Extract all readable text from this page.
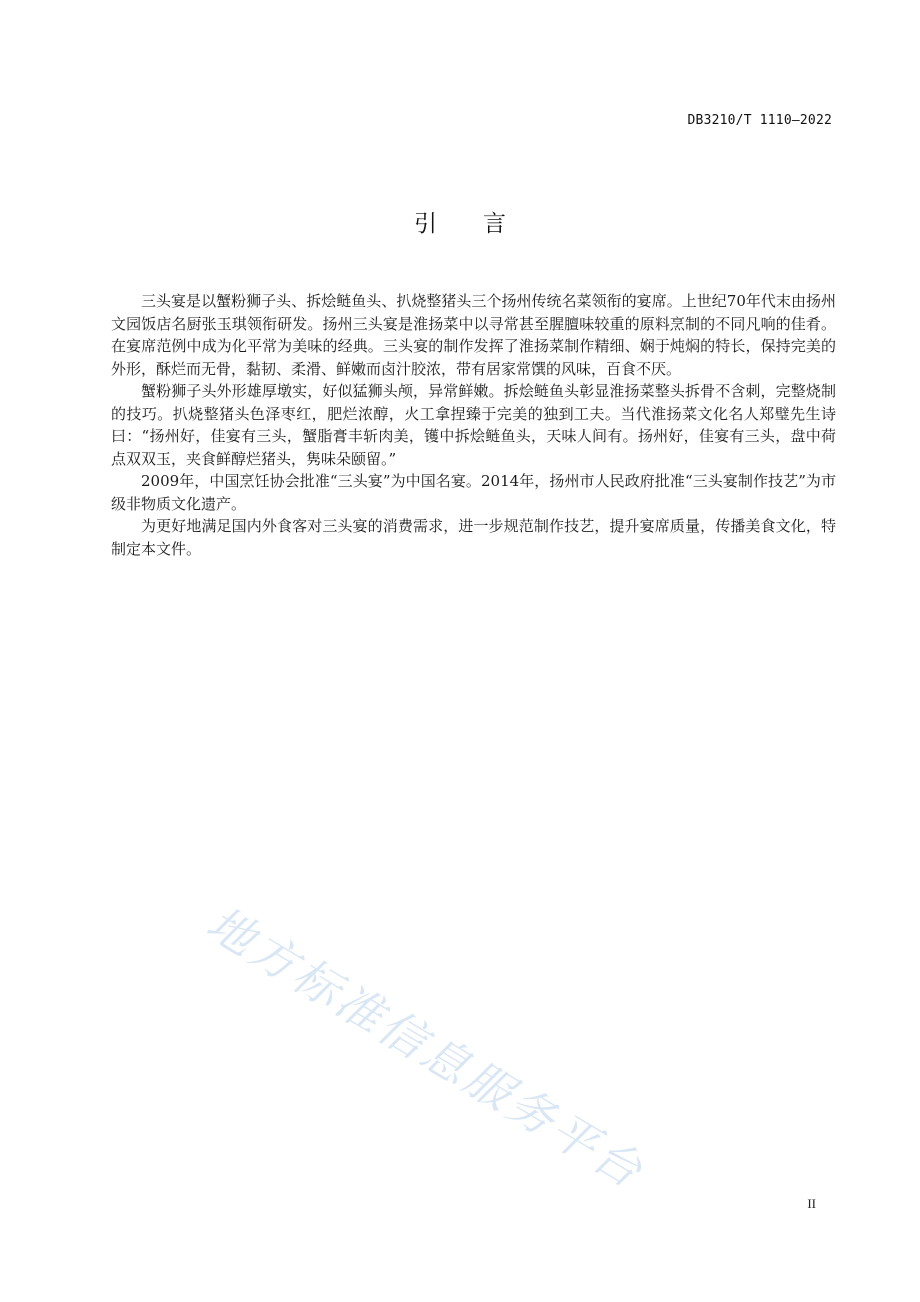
DB3210/T 1110—2022
引言

三头宴是以蟹粉狮子头、拆烩鲢鱼头、扒烧整猪头三个扬州传统名菜领衔的宴席。上世纪70年代末由扬州文园饭店名厨张玉琪领衔研发。扬州三头宴是淮扬菜中以寻常甚至腥膻味较重的原料烹制的不同凡响的佳肴。在宴席范例中成为化平常为美味的经典。三头宴的制作发挥了淮扬菜制作精细、娴于炖焖的特长，保持完美的外形，酥烂而无骨，黏韧、柔滑、鲜嫩而卤汁胶浓，带有居家常馔的风味，百食不厌。

蟹粉狮子头外形雄厚墩实，好似猛狮头颅，异常鲜嫩。拆烩鲢鱼头彰显淮扬菜整头拆骨不含刺，完整烧制的技巧。扒烧整猪头色泽枣红，肥烂浓醇，火工拿捏臻于完美的独到工夫。当代淮扬菜文化名人郑璧先生诗曰：“扬州好，佳宴有三头，蟹脂膏丰斩肉美，镬中拆烩鲢鱼头，天味人间有。扬州好，佳宴有三头，盘中荷点双双玉，夹食鲜醇烂猪头，隽味朵颐留。”

2009年，中国烹饪协会批准“三头宴”为中国名宴。2014年，扬州市人民政府批准“三头宴制作技艺”为市级非物质文化遗产。

为更好地满足国内外食客对三头宴的消费需求，进一步规范制作技艺，提升宴席质量，传播美食文化，特制定本文件。

地方标准信息服务平台
II
